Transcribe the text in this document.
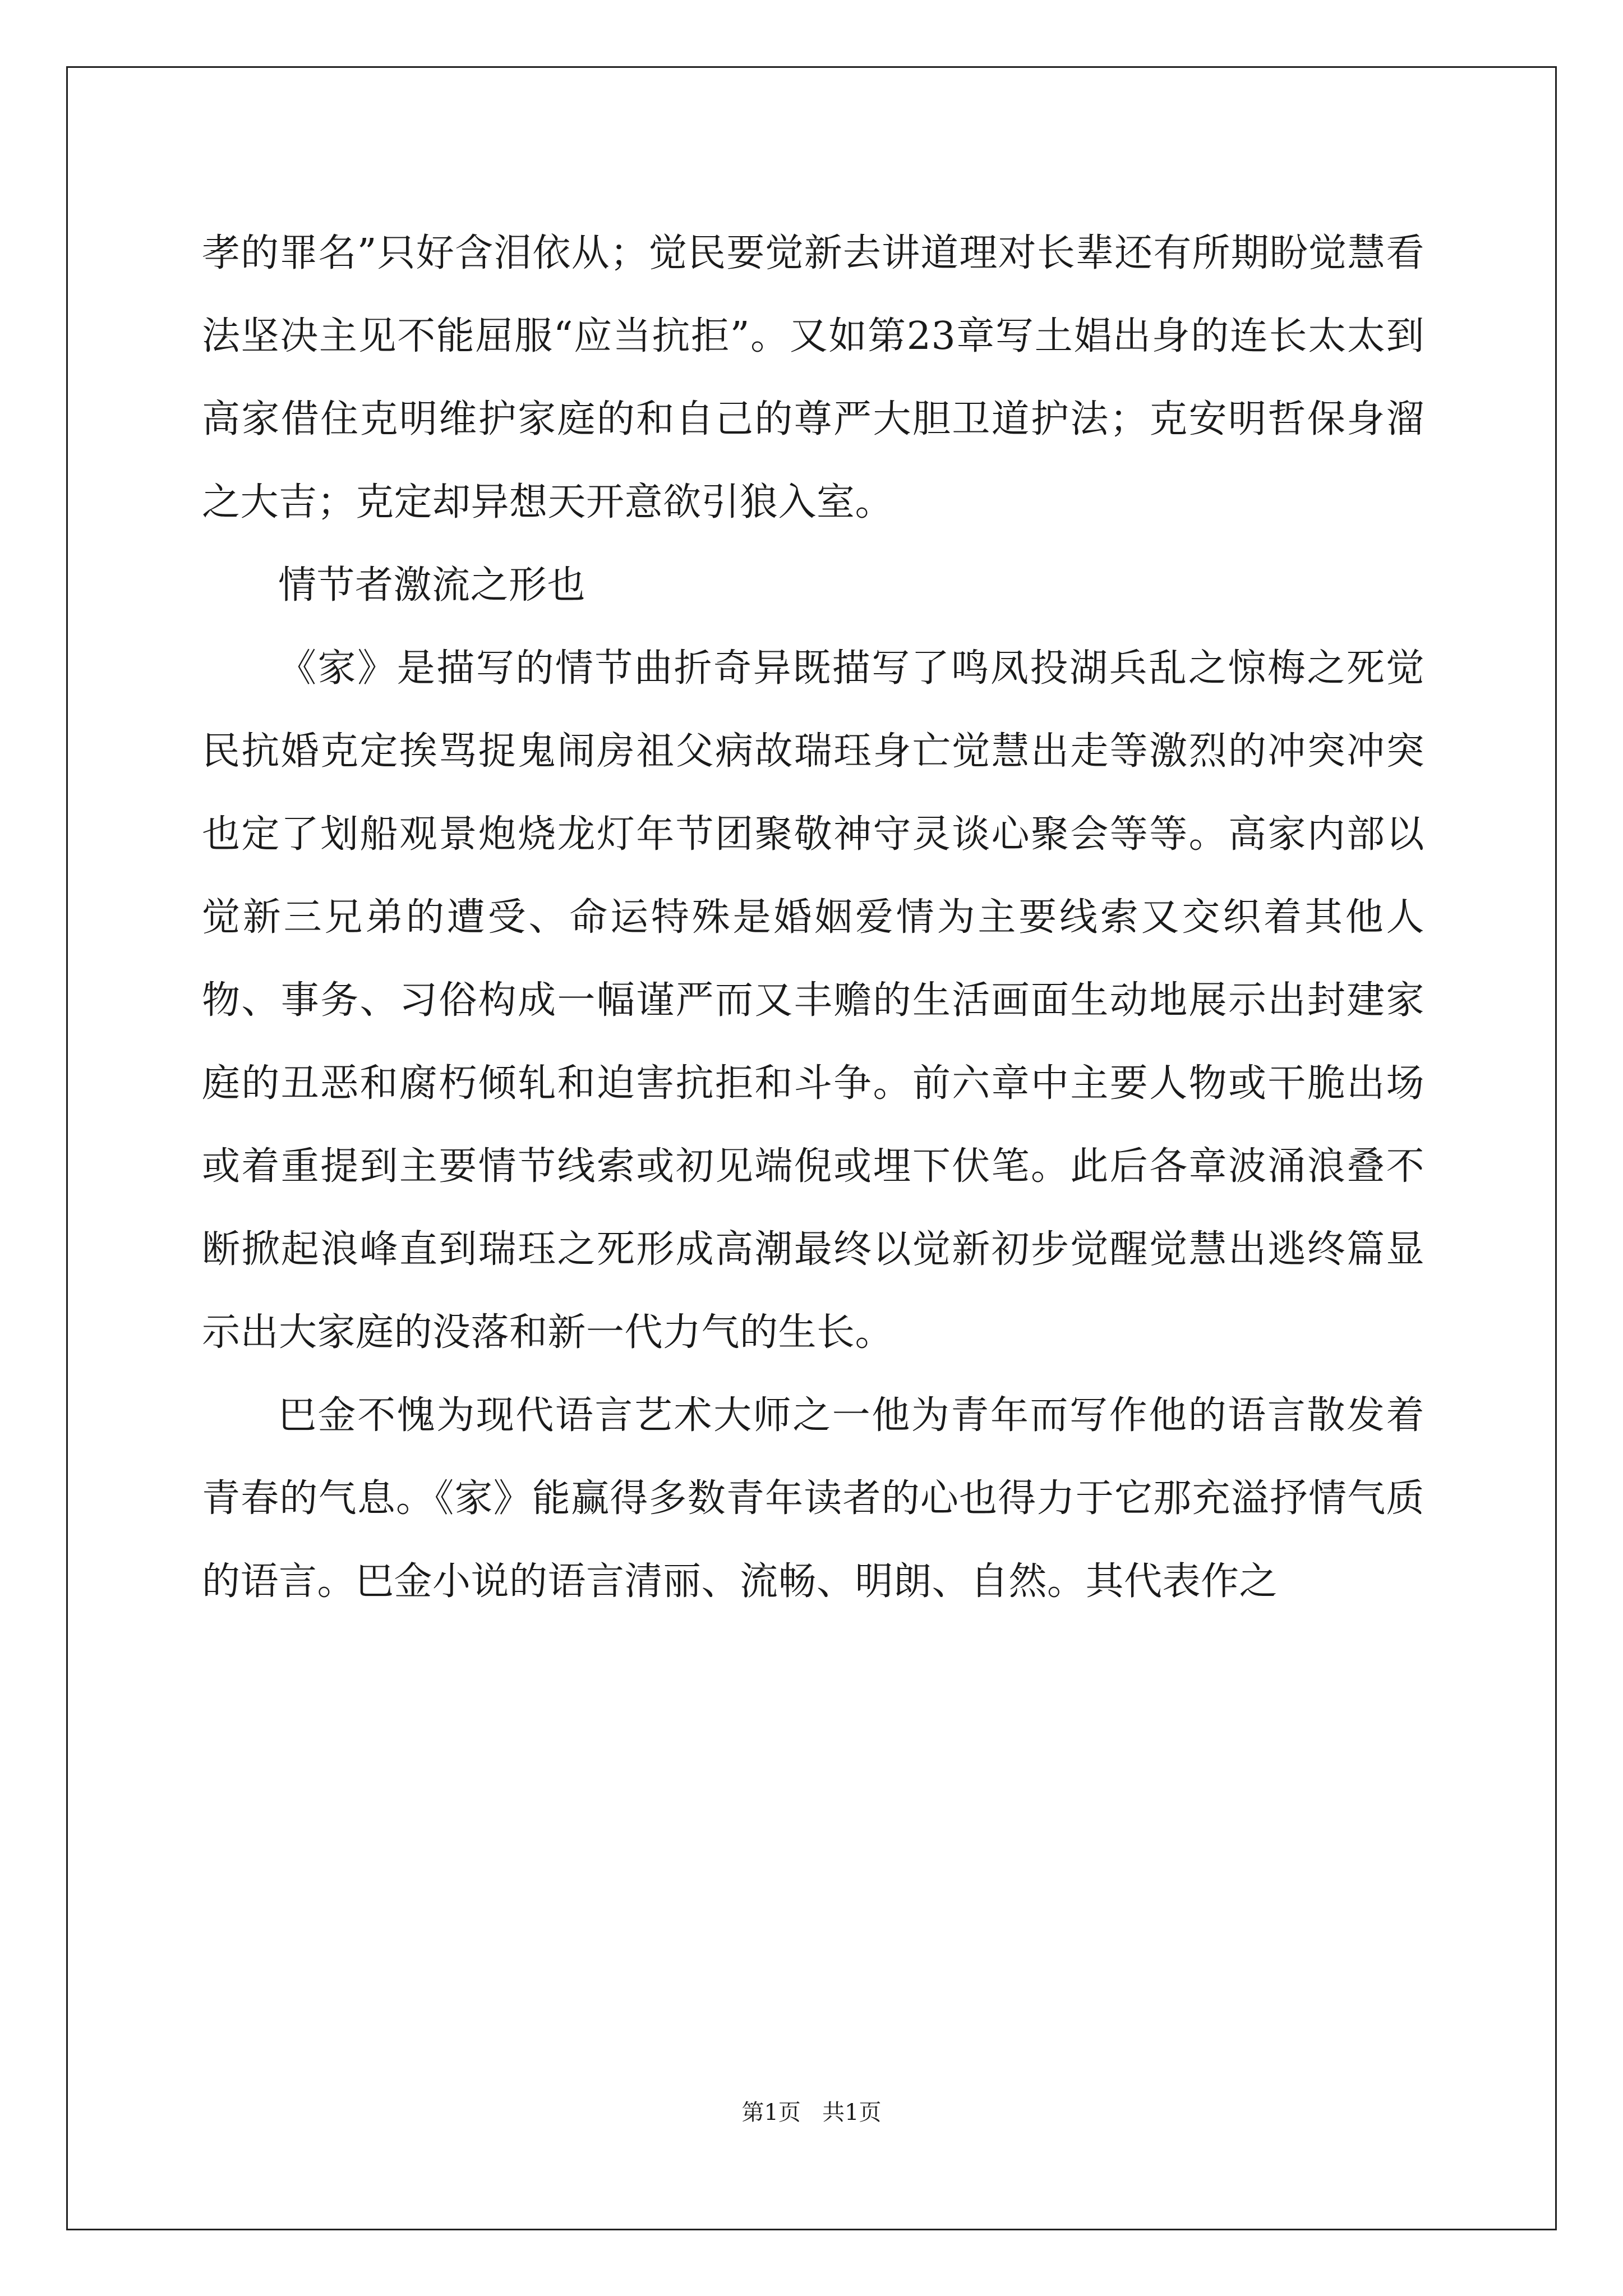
孝的罪名”只好含泪依从；觉民要觉新去讲道理对长辈还有所期盼觉慧看法坚决主见不能屈服“应当抗拒”。又如第23章写土娼出身的连长太太到高家借住克明维护家庭的和自己的尊严大胆卫道护法；克安明哲保身溜之大吉；克定却异想天开意欲引狼入室。

情节者激流之形也

《家》是描写的情节曲折奇异既描写了鸣凤投湖兵乱之惊梅之死觉民抗婚克定挨骂捉鬼闹房祖父病故瑞珏身亡觉慧出走等激烈的冲突冲突也定了划船观景炮烧龙灯年节团聚敬神守灵谈心聚会等等。高家内部以觉新三兄弟的遭受、命运特殊是婚姻爱情为主要线索又交织着其他人物、事务、习俗构成一幅谨严而又丰赡的生活画面生动地展示出封建家庭的丑恶和腐朽倾轧和迫害抗拒和斗争。前六章中主要人物或干脆出场或着重提到主要情节线索或初见端倪或埋下伏笔。此后各章波涌浪叠不断掀起浪峰直到瑞珏之死形成高潮最终以觉新初步觉醒觉慧出逃终篇显示出大家庭的没落和新一代力气的生长。

巴金不愧为现代语言艺术大师之一他为青年而写作他的语言散发着青春的气息。《家》能赢得多数青年读者的心也得力于它那充溢抒情气质的语言。巴金小说的语言清丽、流畅、明朗、自然。其代表作之

第1页 共1页
